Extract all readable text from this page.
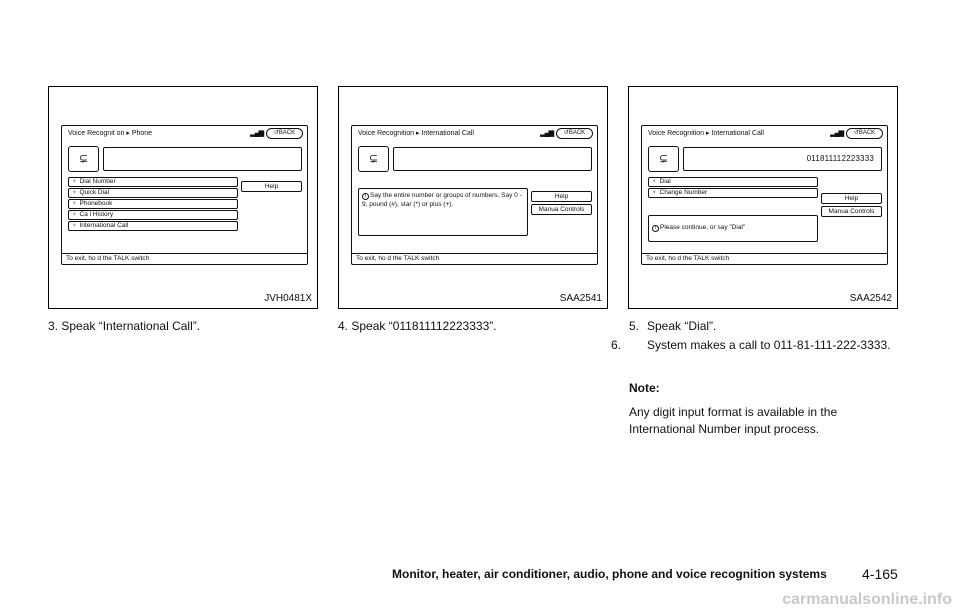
Voice Recognit on ▸ Phone	▂▄▆	↺BACK
⊊
♆ Dial Number
♆ Quick Dial
♆ Phonebook
♆ Ca l History
♆ International Call
Help
To exit, ho d the TALK switch
JVH0481X
Voice Recognition ▸ International Call	▂▄▆	↺BACK
⊊
i Say the entire number or groups of numbers. Say 0 - 9, pound (#), star (*) or plus (+).
Help
Manua Controls
To exit, ho d the TALK switch
SAA2541
Voice Recognition ▸ International Call	▂▄▆	↺BACK
⊊	011811112223333
♆ Dial
♆ Change Number
i Please continue, or say "Dial"
Help
Manua Controls
To exit, ho d the TALK switch
SAA2542
3. Speak “International Call”.	4. Speak “011811112223333”.	5. Speak “Dial”.
6. System makes a call to 011-81-111-222-3333.
Note:
Any digit input format is available in the International Number input process.
Monitor, heater, air conditioner, audio, phone and voice recognition systems	4-165
carmanualsonline.info
